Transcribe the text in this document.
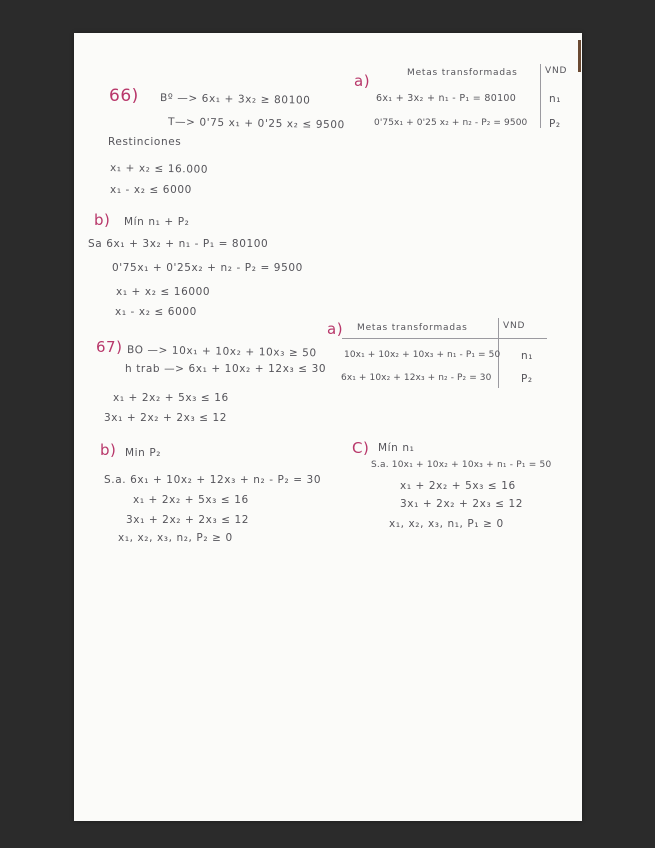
66) Bº —> 6x₁ + 3x₂ ≥ 80100
T—> 0'75 x₁ + 0'25 x₂ ≤ 9500
Restinciones
x₁ + x₂ ≤ 16.000
x₁ - x₂ ≤ 6000
a)	Metas transformadas	VND
6x₁ + 3x₂ + n₁ - P₁ = 80100	n₁
0'75x₁ + 0'25 x₂ + n₂ - P₂ = 9500 P₂
b) Mín n₁ + P₂
Sa 6x₁ + 3x₂ + n₁ - P₁ = 80100
0'75x₁ + 0'25x₂ + n₂ - P₂ = 9500
x₁ + x₂ ≤ 16000
x₁ - x₂ ≤ 6000
67) BO —> 10x₁ + 10x₂ + 10x₃ ≥ 50
h trab —> 6x₁ + 10x₂ + 12x₃ ≤ 30
x₁ + 2x₂ + 5x₃ ≤ 16
3x₁ + 2x₂ + 2x₃ ≤ 12
a) Metas transformadas	VND
10x₁ + 10x₂ + 10x₃ + n₁ - P₁ = 50 n₁
6x₁ + 10x₂ + 12x₃ + n₂ - P₂ = 30	P₂
b) Min P₂
S.a. 6x₁ + 10x₂ + 12x₃ + n₂ - P₂ = 30
x₁ + 2x₂ + 5x₃ ≤ 16
3x₁ + 2x₂ + 2x₃ ≤ 12
x₁, x₂, x₃, n₂, P₂ ≥ 0
C) Mín n₁
S.a. 10x₁ + 10x₂ + 10x₃ + n₁ - P₁ = 50
x₁ + 2x₂ + 5x₃ ≤ 16
3x₁ + 2x₂ + 2x₃ ≤ 12
x₁, x₂, x₃, n₁, P₁ ≥ 0
